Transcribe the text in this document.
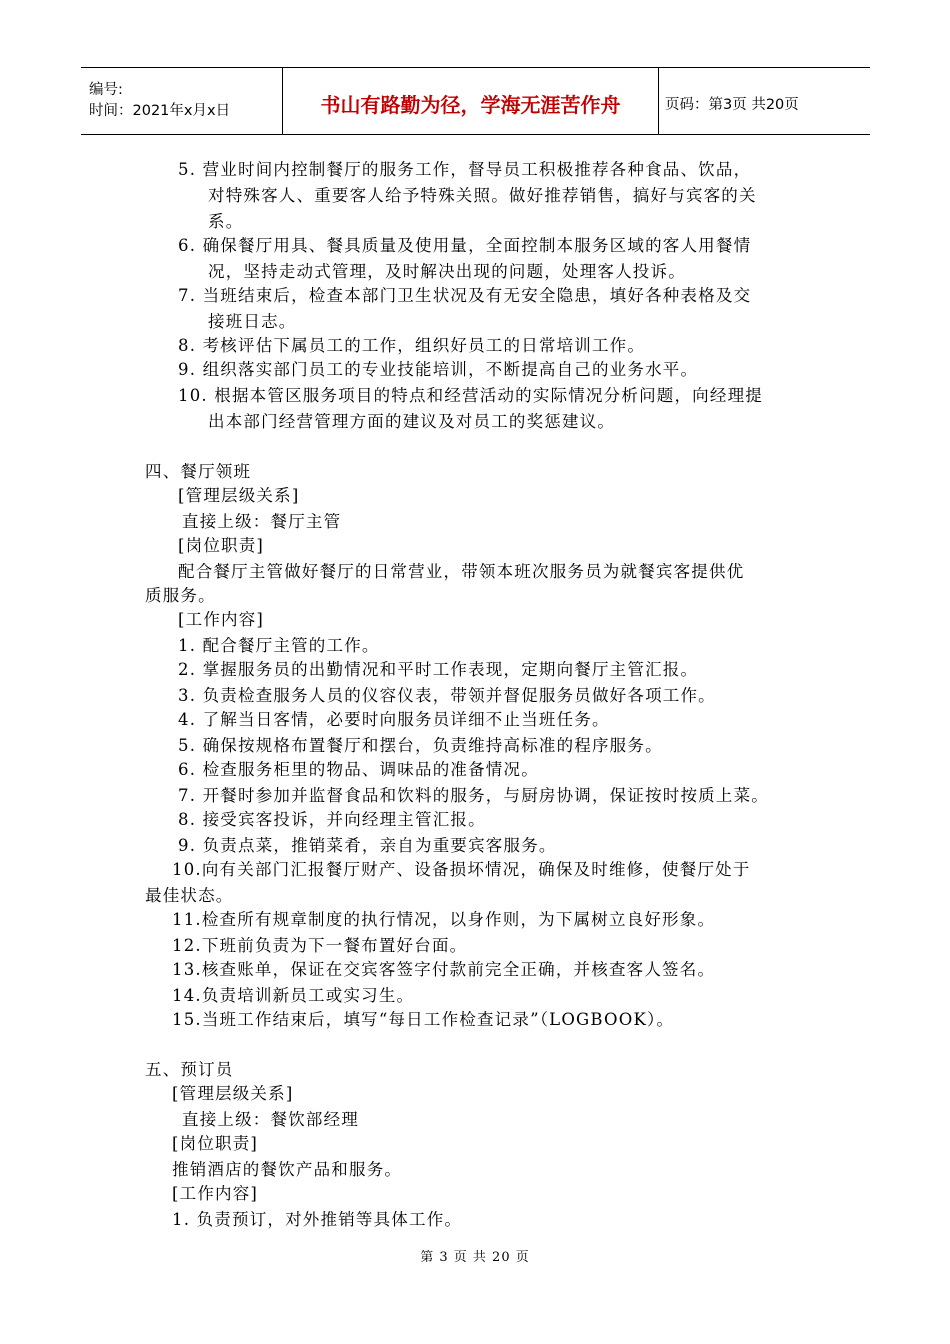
编号:
时间：2021年x月x日	书山有路勤为径，学海无涯苦作舟	页码：第3页 共20页
5. 营业时间内控制餐厅的服务工作，督导员工积极推荐各种食品、饮品，
对特殊客人、重要客人给予特殊关照。做好推荐销售，搞好与宾客的关
系。
6. 确保餐厅用具、餐具质量及使用量，全面控制本服务区域的客人用餐情
况，坚持走动式管理，及时解决出现的问题，处理客人投诉。
7. 当班结束后，检查本部门卫生状况及有无安全隐患，填好各种表格及交
接班日志。
8. 考核评估下属员工的工作，组织好员工的日常培训工作。
9. 组织落实部门员工的专业技能培训，不断提高自己的业务水平。
10. 根据本管区服务项目的特点和经营活动的实际情况分析问题，向经理提
出本部门经营管理方面的建议及对员工的奖惩建议。
四、餐厅领班
[管理层级关系]
直接上级：餐厅主管
[岗位职责]
配合餐厅主管做好餐厅的日常营业，带领本班次服务员为就餐宾客提供优
质服务。
[工作内容]
1. 配合餐厅主管的工作。
2. 掌握服务员的出勤情况和平时工作表现，定期向餐厅主管汇报。
3. 负责检查服务人员的仪容仪表，带领并督促服务员做好各项工作。
4. 了解当日客情，必要时向服务员详细不止当班任务。
5. 确保按规格布置餐厅和摆台，负责维持高标准的程序服务。
6. 检查服务柜里的物品、调味品的准备情况。
7. 开餐时参加并监督食品和饮料的服务，与厨房协调，保证按时按质上菜。
8. 接受宾客投诉，并向经理主管汇报。
9. 负责点菜，推销菜肴，亲自为重要宾客服务。
10.向有关部门汇报餐厅财产、设备损坏情况，确保及时维修，使餐厅处于
最佳状态。
11.检查所有规章制度的执行情况，以身作则，为下属树立良好形象。
12.下班前负责为下一餐布置好台面。
13.核查账单，保证在交宾客签字付款前完全正确，并核查客人签名。
14.负责培训新员工或实习生。
15.当班工作结束后，填写“每日工作检查记录”（LOGBOOK）。
五、预订员
[管理层级关系]
直接上级：餐饮部经理
[岗位职责]
推销酒店的餐饮产品和服务。
[工作内容]
1. 负责预订，对外推销等具体工作。
第 3 页 共 20 页
